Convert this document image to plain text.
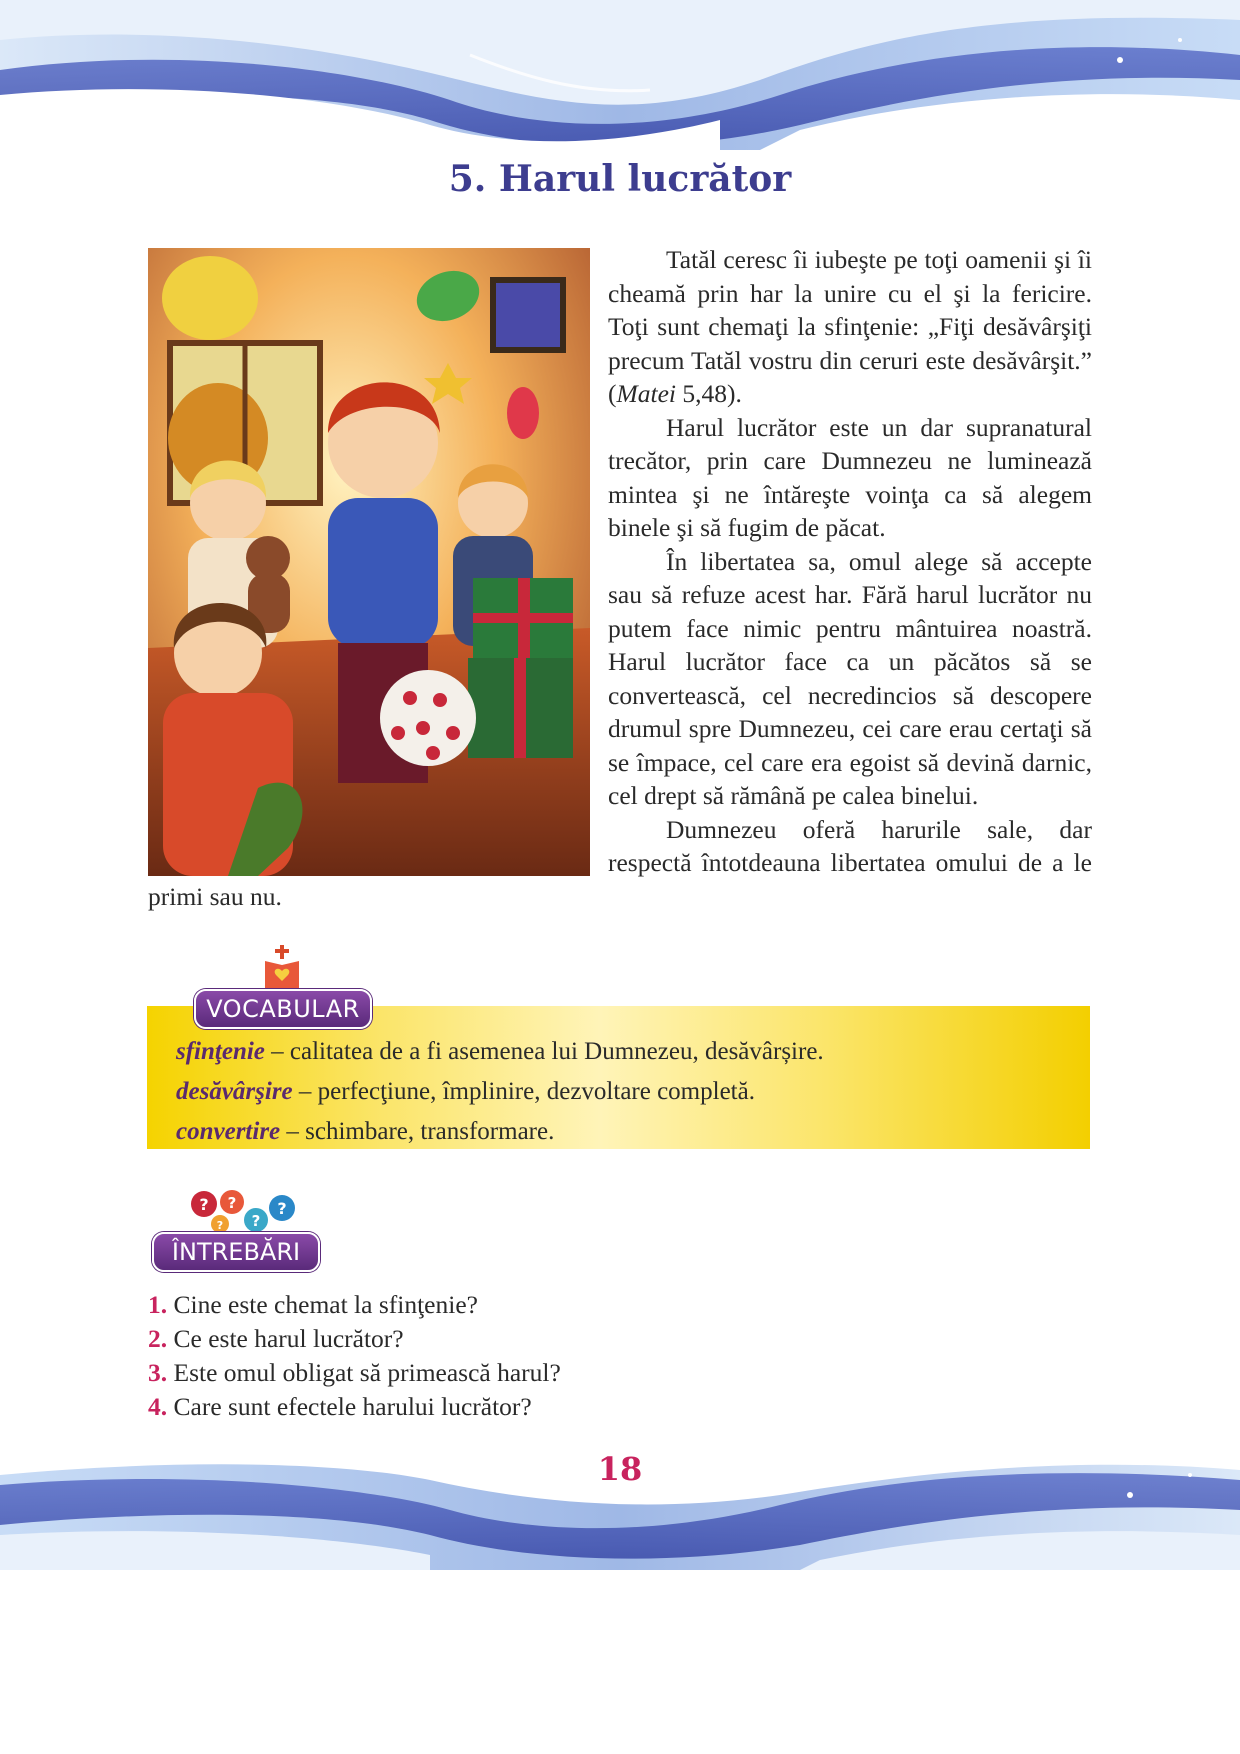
5. Harul lucrător

Tatăl ceresc îi iubeşte pe toţi oamenii şi îi cheamă prin har la unire cu el şi la fericire. Toţi sunt chemaţi la sfinţenie: „Fiţi desăvârşiţi precum Tatăl vostru din ceruri este desăvârşit.” (Matei 5,48).

Harul lucrător este un dar supranatural trecător, prin care Dumnezeu ne luminează mintea şi ne întăreşte voinţa ca să alegem binele şi să fugim de păcat.

În libertatea sa, omul alege să accepte sau să refuze acest har. Fără harul lucrător nu putem face nimic pentru mântuirea noastră. Harul lucrător face ca un păcătos să se convertească, cel necredincios să descopere drumul spre Dumnezeu, cei care erau certaţi să se împace, cel care era egoist să devină darnic, cel drept să rămână pe calea binelui.

Dumnezeu oferă harurile sale, dar respectă întotdeauna libertatea omului de a le primi sau nu.

VOCABULAR
sfinţenie – calitatea de a fi asemenea lui Dumnezeu, desăvârșire.
desăvârşire – perfecţiune, împlinire, dezvoltare completă.
convertire – schimbare, transformare.
? ?
?
?
?
ÎNTREBĂRI
1. Cine este chemat la sfinţenie?
2. Ce este harul lucrător?
3. Este omul obligat să primească harul?
4. Care sunt efectele harului lucrător?
18
